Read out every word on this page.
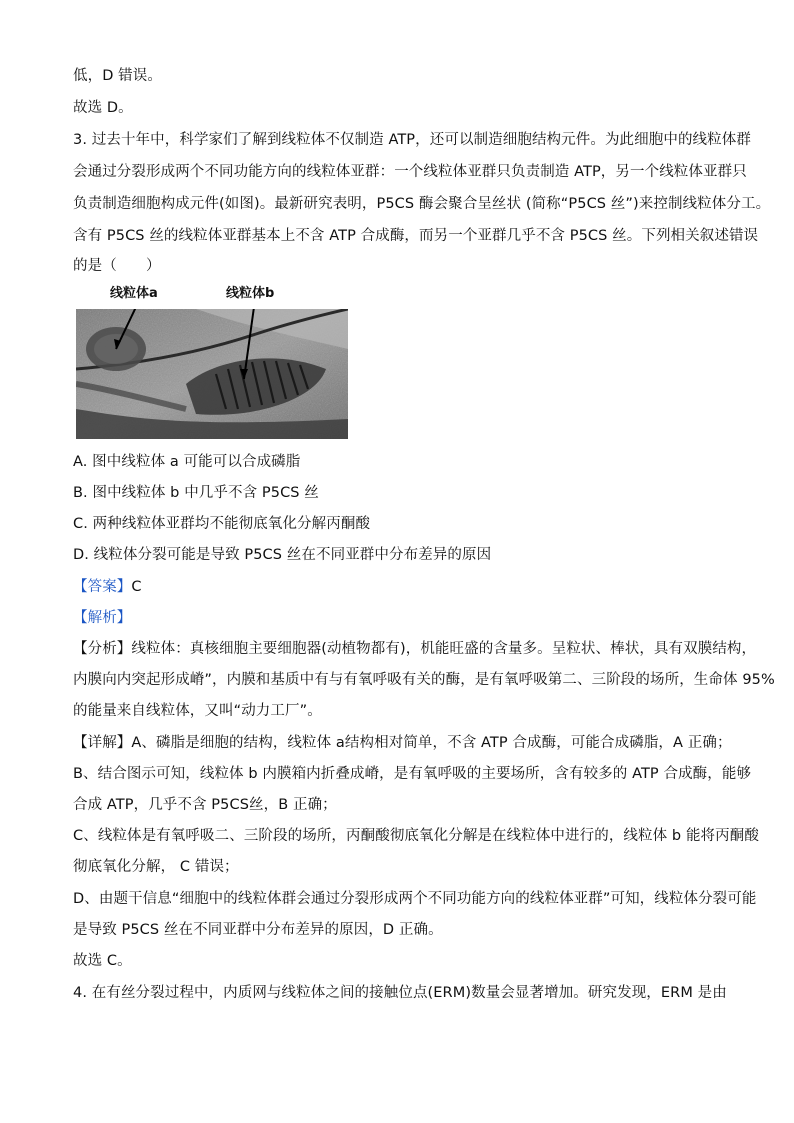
低，D 错误。
故选 D。
3. 过去十年中，科学家们了解到线粒体不仅制造 ATP，还可以制造细胞结构元件。为此细胞中的线粒体群
会通过分裂形成两个不同功能方向的线粒体亚群：一个线粒体亚群只负责制造 ATP，另一个线粒体亚群只
负责制造细胞构成元件(如图)。最新研究表明，P5CS 酶会聚合呈丝状 (简称“P5CS 丝”)来控制线粒体分工。
含有 P5CS 丝的线粒体亚群基本上不含 ATP 合成酶，而另一个亚群几乎不含 P5CS 丝。下列相关叙述错误
的是（　　）
线粒体a	线粒体b
A. 图中线粒体 a 可能可以合成磷脂
B. 图中线粒体 b 中几乎不含 P5CS 丝
C. 两种线粒体亚群均不能彻底氧化分解丙酮酸
D. 线粒体分裂可能是导致 P5CS 丝在不同亚群中分布差异的原因
【答案】C
【解析】
【分析】线粒体：真核细胞主要细胞器(动植物都有)，机能旺盛的含量多。呈粒状、棒状，具有双膜结构，
内膜向内突起形成嵴”，内膜和基质中有与有氧呼吸有关的酶，是有氧呼吸第二、三阶段的场所，生命体 95%
的能量来自线粒体，又叫“动力工厂”。
【详解】A、磷脂是细胞的结构，线粒体 a结构相对简单，不含 ATP 合成酶，可能合成磷脂，A 正确；
B、结合图示可知，线粒体 b 内膜箱内折叠成嵴，是有氧呼吸的主要场所，含有较多的 ATP 合成酶，能够
合成 ATP，几乎不含 P5CS丝，B 正确；
C、线粒体是有氧呼吸二、三阶段的场所，丙酮酸彻底氧化分解是在线粒体中进行的，线粒体 b 能将丙酮酸
彻底氧化分解， C 错误；
D、由题干信息“细胞中的线粒体群会通过分裂形成两个不同功能方向的线粒体亚群”可知，线粒体分裂可能
是导致 P5CS 丝在不同亚群中分布差异的原因，D 正确。
故选 C。
4. 在有丝分裂过程中，内质网与线粒体之间的接触位点(ERM)数量会显著增加。研究发现，ERM 是由
